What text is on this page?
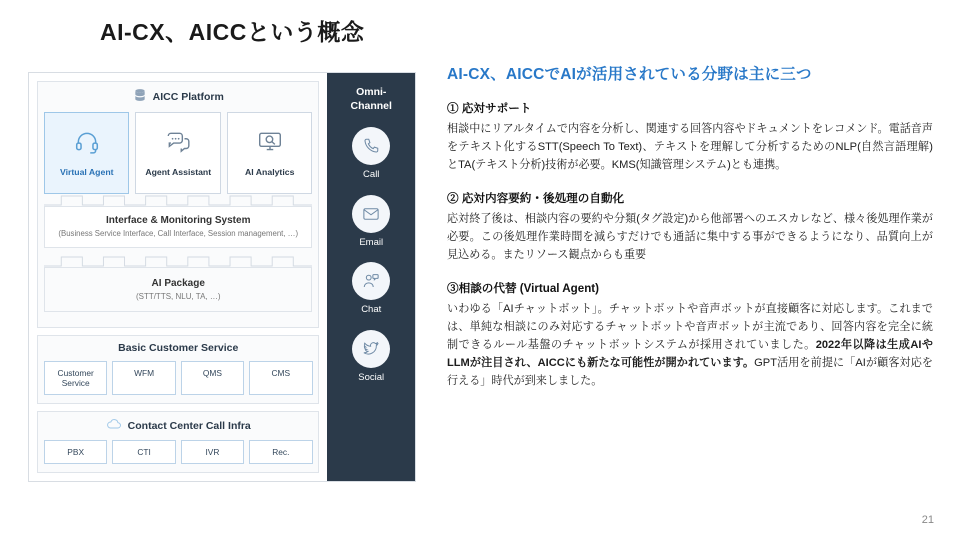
AI-CX、AICCという概念
AICC Platform
Virtual Agent	Agent Assistant	AI Analytics
Interface & Monitoring System
(Business Service Interface, Call Interface, Session management, …)
AI Package
(STT/TTS, NLU, TA, …)
Basic Customer Service
Customer Service
WFM	QMS	CMS
Contact Center Call Infra
PBX	CTI	IVR	Rec.
Omni-
Channel
Call
Email
Chat
Social
AI-CX、AICCでAIが活用されている分野は主に三つ
① 応対サポート
相談中にリアルタイムで内容を分析し、関連する回答内容やドキュメントをレコメンド。電話音声をテキスト化するSTT(Speech To Text)、テキストを理解して分析するためのNLP(自然言語理解)とTA(テキスト分析)技術が必要。KMS(知識管理システム)とも連携。
② 応対内容要約・後処理の自動化
応対終了後は、相談内容の要約や分類(タグ設定)から他部署へのエスカレなど、様々後処理作業が必要。この後処理作業時間を減らすだけでも通話に集中する事ができるようになり、品質向上が見込める。またリソース観点からも重要
③相談の代替 (Virtual Agent)
いわゆる「AIチャットボット」。チャットボットや音声ボットが直接顧客に対応します。これまでは、単純な相談にのみ対応するチャットボットや音声ボットが主流であり、回答内容を完全に統制できるルール基盤のチャットボットシステムが採用されていました。2022年以降は生成AIやLLMが注目され、AICCにも新たな可能性が開かれています。GPT活用を前提に「AIが顧客対応を行える」時代が到来しました。
21
